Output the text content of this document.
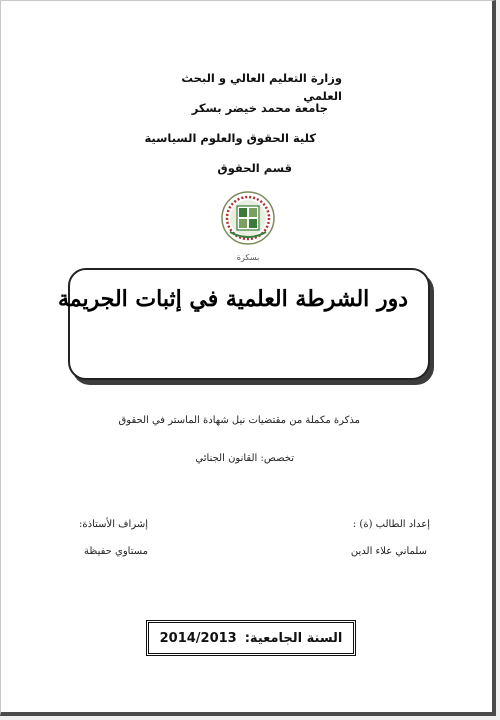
وزارة التعليم العالي و البحث العلمي
جامعة محمد خيضر بسكر
كلية الحقوق والعلوم السياسية
قسم الحقوق
بسكرة
دور الشرطة العلمية في إثبات الجريمة
مذكرة مكملة من مقتضيات نيل شهادة الماستر في الحقوق
تخصص: القانون الجنائي
إعداد الطالب (ة) :
سلماني علاء الدين
إشراف الأستاذة:
مستاوي حفيظة
2014/2013 السنة الجامعية:
